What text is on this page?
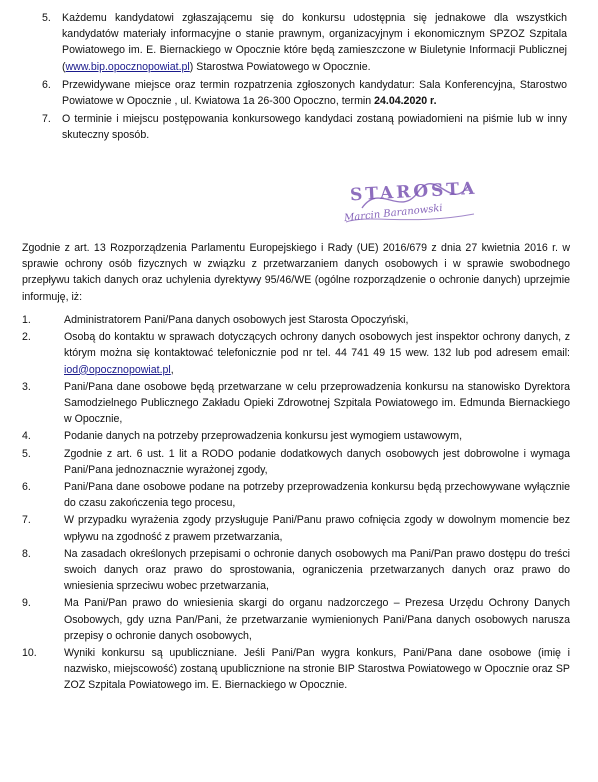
5. Każdemu kandydatowi zgłaszającemu się do konkursu udostępnia się jednakowe dla wszystkich kandydatów materiały informacyjne o stanie prawnym, organizacyjnym i ekonomicznym SPZOZ Szpitala Powiatowego im. E. Biernackiego w Opocznie które będą zamieszczone w Biuletynie Informacji Publicznej (www.bip.opocznopowiat.pl) Starostwa Powiatowego w Opocznie.
6. Przewidywane miejsce oraz termin rozpatrzenia zgłoszonych kandydatur: Sala Konferencyjna, Starostwo Powiatowe w Opocznie , ul. Kwiatowa 1a 26-300 Opoczno, termin 24.04.2020 r.
7. O terminie i miejscu postępowania konkursowego kandydaci zostaną powiadomieni na piśmie lub w inny skuteczny sposób.
STAROSTA
Marcin Baranowski

Zgodnie z art. 13 Rozporządzenia Parlamentu Europejskiego i Rady (UE) 2016/679 z dnia 27 kwietnia 2016 r. w sprawie ochrony osób fizycznych w związku z przetwarzaniem danych osobowych i w sprawie swobodnego przepływu takich danych oraz uchylenia dyrektywy 95/46/WE (ogólne rozporządzenie o ochronie danych) uprzejmie informuję, iż:

1.	Administratorem Pani/Pana danych osobowych jest Starosta Opoczyński,
2.	Osobą do kontaktu w sprawach dotyczących ochrony danych osobowych jest inspektor ochrony danych, z którym można się kontaktować telefonicznie pod nr tel. 44 741 49 15 wew. 132 lub pod adresem email: iod@opocznopowiat.pl,
3.	Pani/Pana dane osobowe będą przetwarzane w celu przeprowadzenia konkursu na stanowisko Dyrektora Samodzielnego Publicznego Zakładu Opieki Zdrowotnej Szpitala Powiatowego im. Edmunda Biernackiego w Opocznie,
4.	Podanie danych na potrzeby przeprowadzenia konkursu jest wymogiem ustawowym,
5.	Zgodnie z art. 6 ust. 1 lit a RODO podanie dodatkowych danych osobowych jest dobrowolne i wymaga Pani/Pana jednoznacznie wyrażonej zgody,
6.	Pani/Pana dane osobowe podane na potrzeby przeprowadzenia konkursu będą przechowywane wyłącznie do czasu zakończenia tego procesu,
7.	W przypadku wyrażenia zgody przysługuje Pani/Panu prawo cofnięcia zgody w dowolnym momencie bez wpływu na zgodność z prawem przetwarzania,
8.	Na zasadach określonych przepisami o ochronie danych osobowych ma Pani/Pan prawo dostępu do treści swoich danych oraz prawo do sprostowania, ograniczenia przetwarzanych danych oraz prawo do wniesienia sprzeciwu wobec przetwarzania,
9.	Ma Pani/Pan prawo do wniesienia skargi do organu nadzorczego – Prezesa Urzędu Ochrony Danych Osobowych, gdy uzna Pan/Pani, że przetwarzanie wymienionych Pani/Pana danych osobowych narusza przepisy o ochronie danych osobowych,
10.	Wyniki konkursu są upubliczniane. Jeśli Pani/Pan wygra konkurs, Pani/Pana dane osobowe (imię i nazwisko, miejscowość) zostaną upublicznione na stronie BIP Starostwa Powiatowego w Opocznie oraz SP ZOZ Szpitala Powiatowego im. E. Biernackiego w Opocznie.
